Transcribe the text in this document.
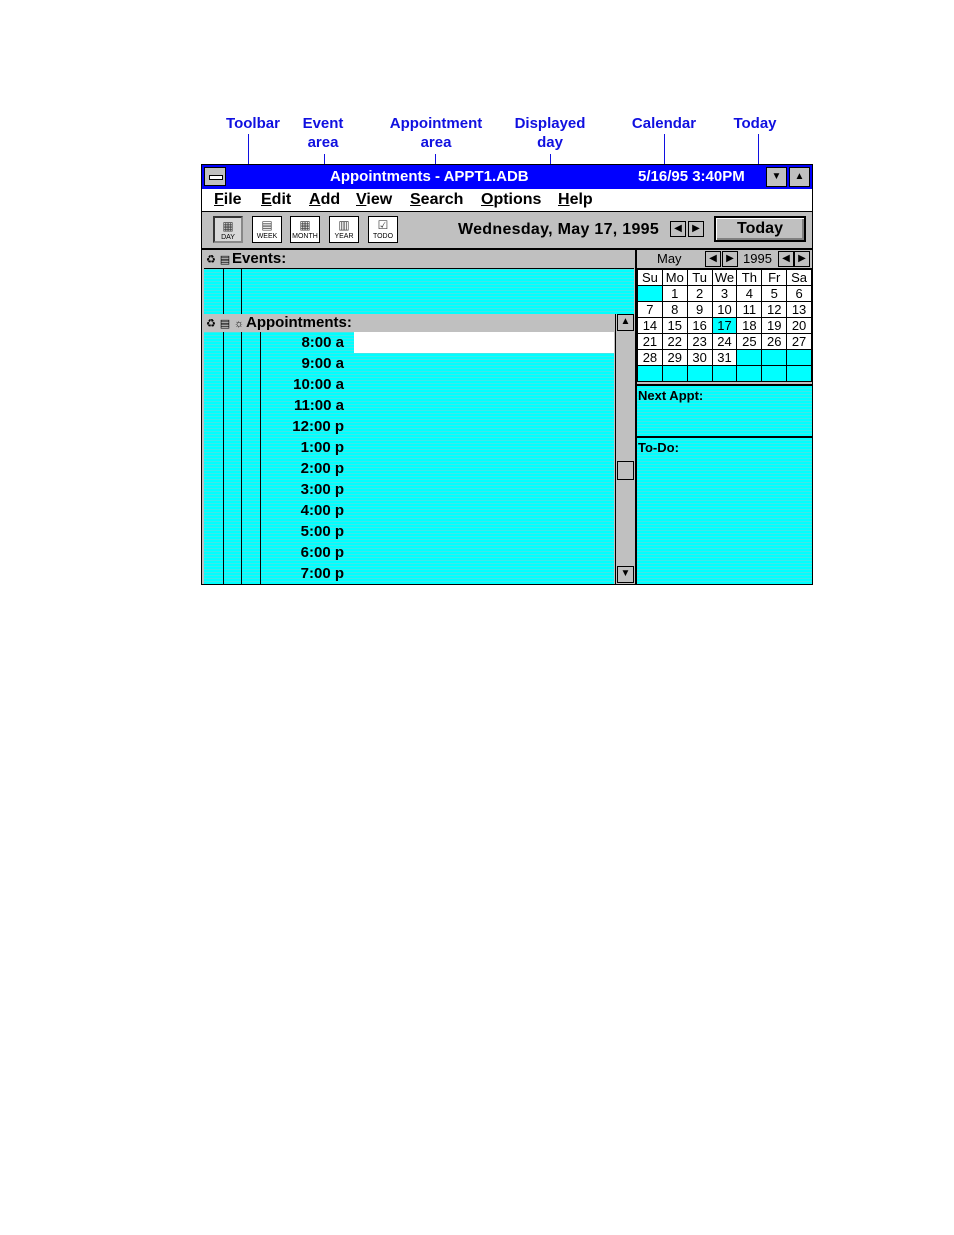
Toolbar	Event
area
Appointment
area
Displayed
day
Calendar	Today
Appointments - APPT1.ADB	5/16/95 3:40PM	▼	▲
File Edit Add View Search Options Help
▦
DAY
▤
WEEK
▦
MONTH
▥
YEAR
☑
TODO	Wednesday, May 17, 1995	◀	▶	Today
♻ ▤ Events:
♻ ▤ ☼ Appointments:
8:00 a
9:00 a
10:00 a
11:00 a
12:00 p
1:00 p
2:00 p
3:00 p
4:00 p
5:00 p
6:00 p
7:00 p
▲
▼
May	◀ ▶ 1995	◀ ▶
Su	Mo	Tu	We	Th	Fr	Sa
	1	2	3	4	5	6
7	8	9	10	11	12	13
14	15	16	17	18	19	20
21	22	23	24	25	26	27
28	29	30	31			

Next Appt:
To-Do:
